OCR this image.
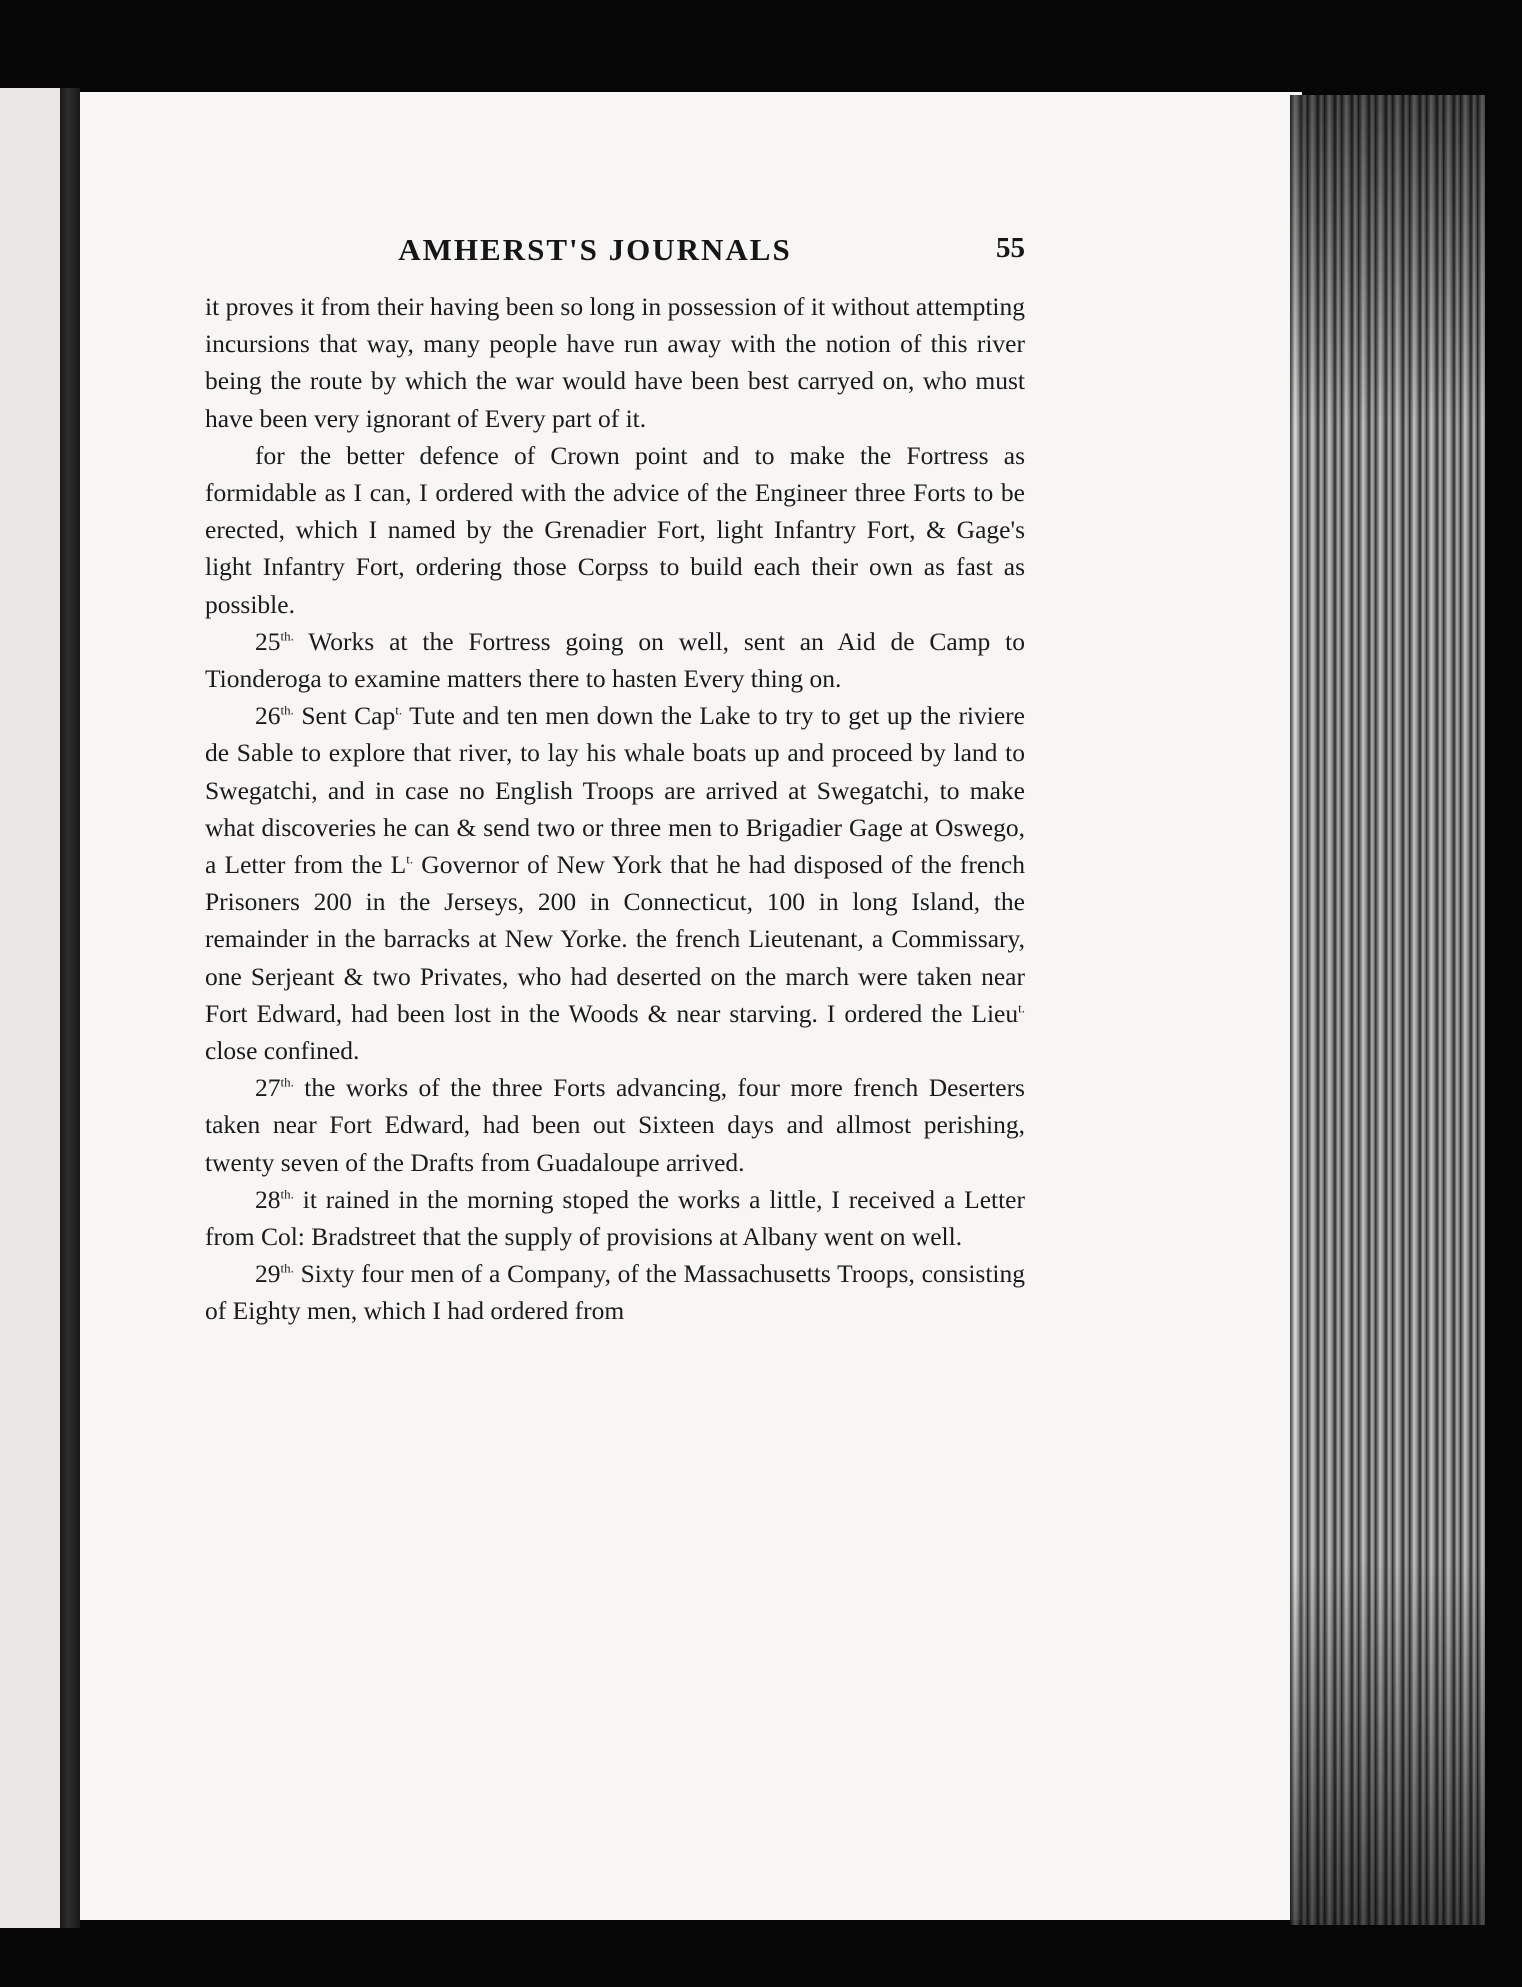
AMHERST'S JOURNALS	55

it proves it from their having been so long in possession of it without attempting incursions that way, many people have run away with the notion of this river being the route by which the war would have been best carryed on, who must have been very ignorant of Every part of it.

for the better defence of Crown point and to make the Fortress as formidable as I can, I ordered with the advice of the Engineer three Forts to be erected, which I named by the Grenadier Fort, light Infantry Fort, & Gage's light Infantry Fort, ordering those Corpss to build each their own as fast as possible.

$25^{th.}$ Works at the Fortress going on well, sent an Aid de Camp to Tionderoga to examine matters there to hasten Every thing on.

$26^{th.}$ Sent Cap$^{t.}$ Tute and ten men down the Lake to try to get up the riviere de Sable to explore that river, to lay his whale boats up and proceed by land to Swegatchi, and in case no English Troops are arrived at Swegatchi, to make what discoveries he can & send two or three men to Brigadier Gage at Oswego, a Letter from the $L^{t.}$ Governor of New York that he had disposed of the french Prisoners 200 in the Jerseys, 200 in Connecticut, 100 in long Island, the remainder in the barracks at New Yorke. the french Lieutenant, a Commissary, one Serjeant & two Privates, who had deserted on the march were taken near Fort Edward, had been lost in the Woods & near starving. I ordered the Lieu$^{t.}$ close confined.

$27^{th.}$ the works of the three Forts advancing, four more french Deserters taken near Fort Edward, had been out Sixteen days and allmost perishing, twenty seven of the Drafts from Guadaloupe arrived.

$28^{th.}$ it rained in the morning stoped the works a little, I received a Letter from Col: Bradstreet that the supply of provisions at Albany went on well.

$29^{th.}$ Sixty four men of a Company, of the Massachusetts Troops, consisting of Eighty men, which I had ordered from
